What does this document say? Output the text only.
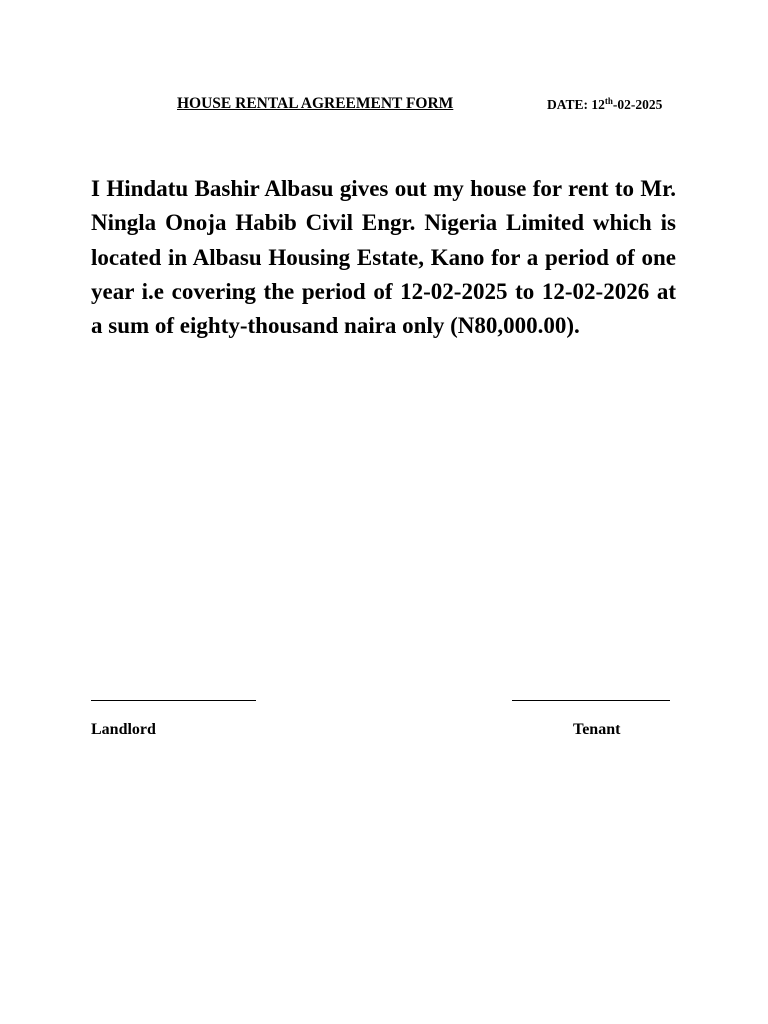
HOUSE RENTAL AGREEMENT FORM	DATE: 12th-02-2025

I Hindatu Bashir Albasu gives out my house for rent to Mr. Ningla Onoja Habib Civil Engr. Nigeria Limited which is located in Albasu Housing Estate, Kano for a period of one year i.e covering the period of 12-02-2025 to 12-02-2026 at a sum of eighty-thousand naira only (N80,000.00).

Landlord	Tenant
